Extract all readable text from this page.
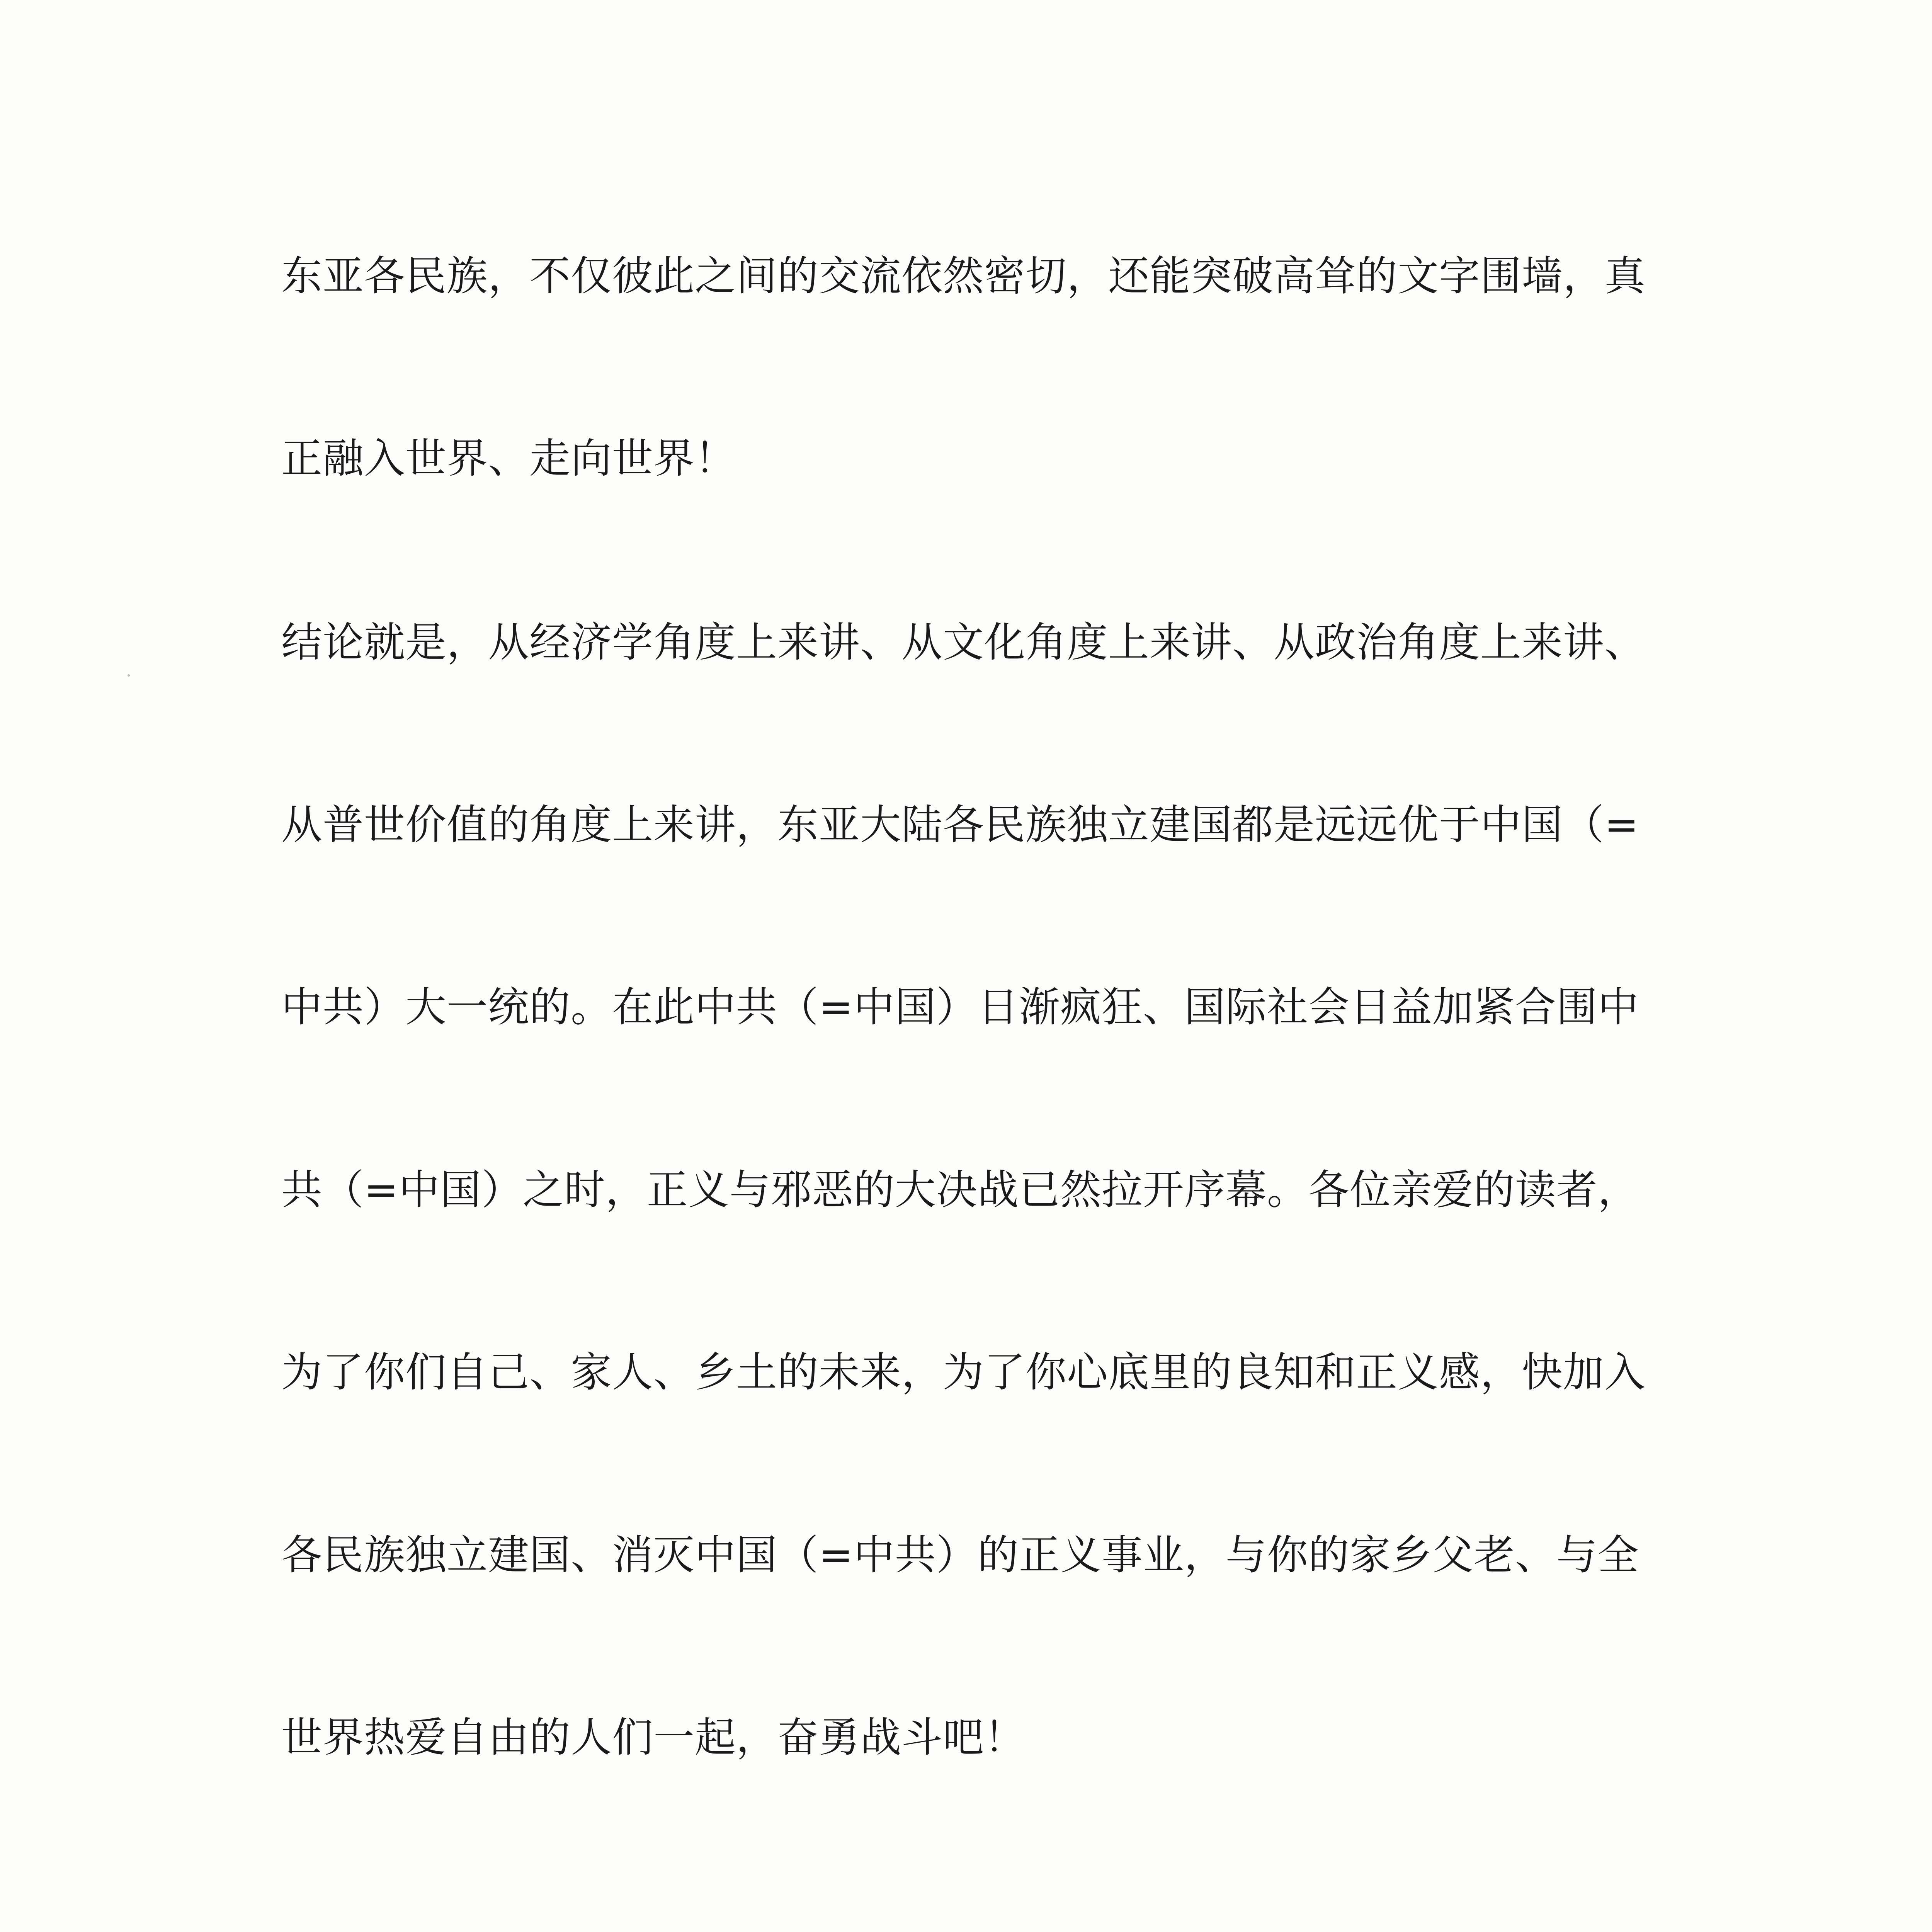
东亚各民族，不仅彼此之间的交流依然密切，还能突破高耸的文字围墙，真
正融入世界、走向世界！
结论就是，从经济学角度上来讲、从文化角度上来讲、从政治角度上来讲、
从普世价值的角度上来讲，东亚大陆各民族独立建国都是远远优于中国（=
中共）大一统的。在此中共（=中国）日渐疯狂、国际社会日益加紧合围中
共（=中国）之时，正义与邪恶的大决战已然拉开序幕。各位亲爱的读者，
为了你们自己、家人、乡土的未来，为了你心底里的良知和正义感，快加入
各民族独立建国、消灭中国（=中共）的正义事业，与你的家乡父老、与全
世界热爱自由的人们一起，奋勇战斗吧！
